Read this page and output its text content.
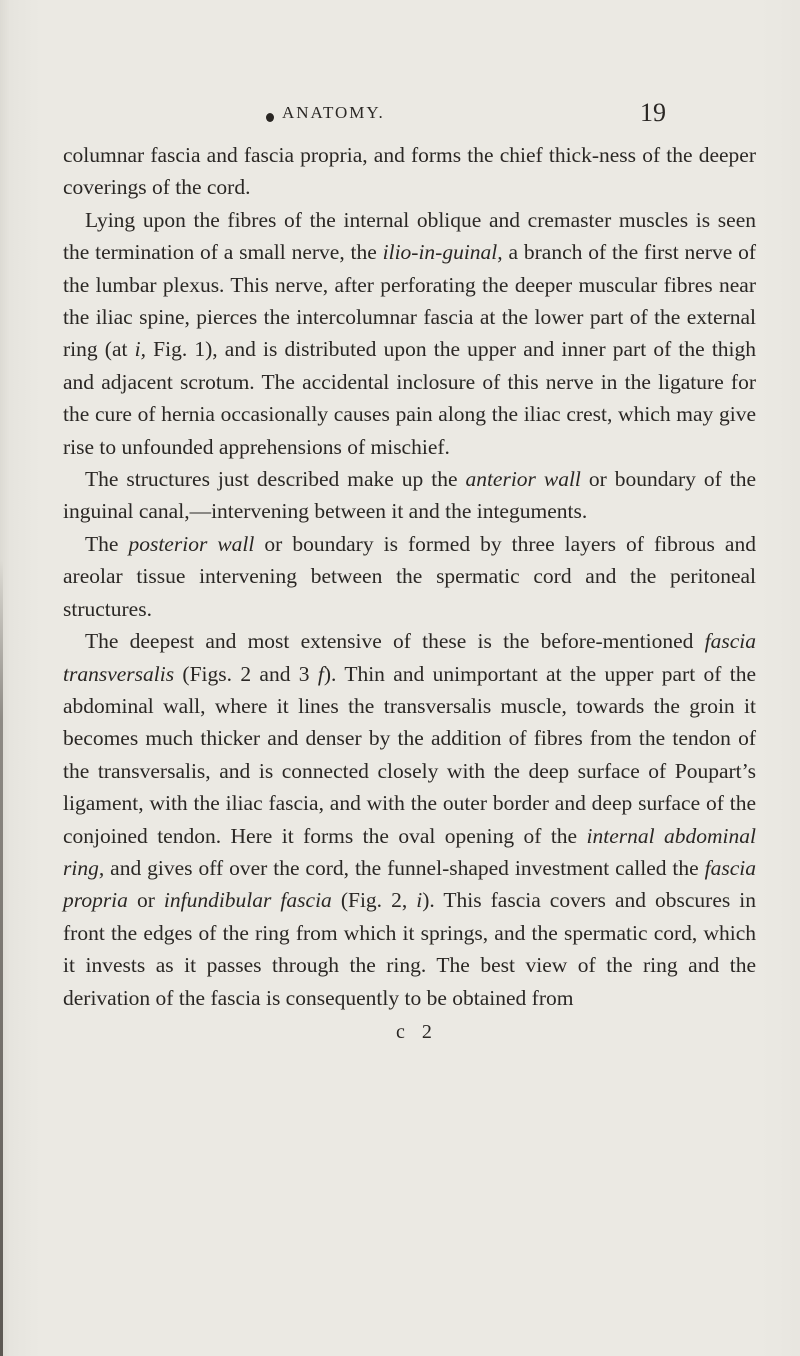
ANATOMY.	19

columnar fascia and fascia propria, and forms the chief thick-ness of the deeper coverings of the cord.

Lying upon the fibres of the internal oblique and cremaster muscles is seen the termination of a small nerve, the ilio-in-guinal, a branch of the first nerve of the lumbar plexus. This nerve, after perforating the deeper muscular fibres near the iliac spine, pierces the intercolumnar fascia at the lower part of the external ring (at i, Fig. 1), and is distributed upon the upper and inner part of the thigh and adjacent scrotum. The accidental inclosure of this nerve in the ligature for the cure of hernia occasionally causes pain along the iliac crest, which may give rise to unfounded apprehensions of mischief.

The structures just described make up the anterior wall or boundary of the inguinal canal,—intervening between it and the integuments.

The posterior wall or boundary is formed by three layers of fibrous and areolar tissue intervening between the spermatic cord and the peritoneal structures.

The deepest and most extensive of these is the before-mentioned fascia transversalis (Figs. 2 and 3 f). Thin and unimportant at the upper part of the abdominal wall, where it lines the transversalis muscle, towards the groin it becomes much thicker and denser by the addition of fibres from the tendon of the transversalis, and is connected closely with the deep surface of Poupart’s ligament, with the iliac fascia, and with the outer border and deep surface of the conjoined tendon. Here it forms the oval opening of the internal abdominal ring, and gives off over the cord, the funnel-shaped investment called the fascia propria or infundibular fascia (Fig. 2, i). This fascia covers and obscures in front the edges of the ring from which it springs, and the spermatic cord, which it invests as it passes through the ring. The best view of the ring and the derivation of the fascia is consequently to be obtained from

c 2
